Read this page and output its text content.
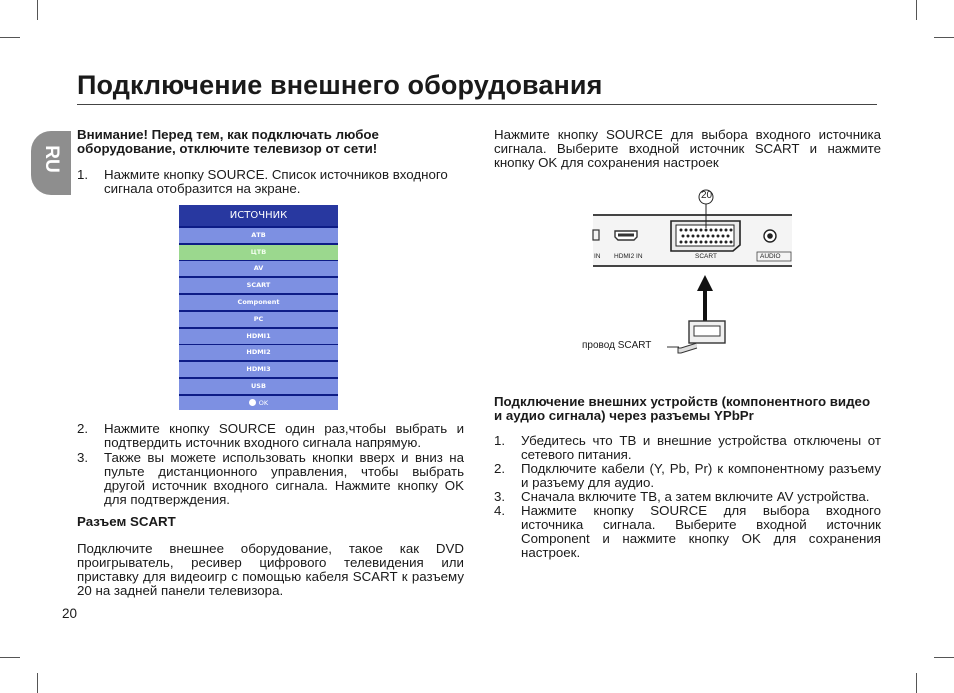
Подключение внешнего оборудования
RU
Внимание! Перед тем, как подключать любое оборудование, отключите телевизор от сети!
1. Нажмите кнопку SOURCE. Список источников входного сигнала отобразится на экране.
ИСТОЧНИК
АТВ
ЦТВ
AV
SCART
Component
PC
HDMI1
HDMI2
HDMI3
USB
OK
2. Нажмите кнопку SOURCE один раз,чтобы выбрать и подтвердить источник входного сигнала напрямую.
3. Также вы можете использовать кнопки вверх и вниз на пульте дистанционного управления, чтобы выбрать другой источник входного сигнала. Нажмите кнопку OK для подтверждения.
Разъем SCART
Подключите внешнее оборудование, такое как DVD проигрыватель, ресивер цифрового телевидения или приставку для видеоигр с помощью кабеля SCART к разъему 20 на задней панели телевизора.
20
Нажмите кнопку SOURCE для выбора входного источника сигнала. Выберите входной источник SCART и нажмите кнопку OK для сохранения настроек
20
IN HDMI2 IN	SCART	AUDIO
провод SCART
Подключение внешних устройств (компонентного видео и аудио сигнала) через разъемы YPbPr
1. Убедитесь что ТВ и внешние устройства отключены от сетевого питания.
2. Подключите кабели (Y, Pb, Pr) к компонентному разъему и разъему для аудио.
3. Сначала включите ТВ, а затем включите AV устройства.
4. Нажмите кнопку SOURCE для выбора входного источника сигнала. Выберите входной источник Component и нажмите кнопку OK для сохранения настроек.
